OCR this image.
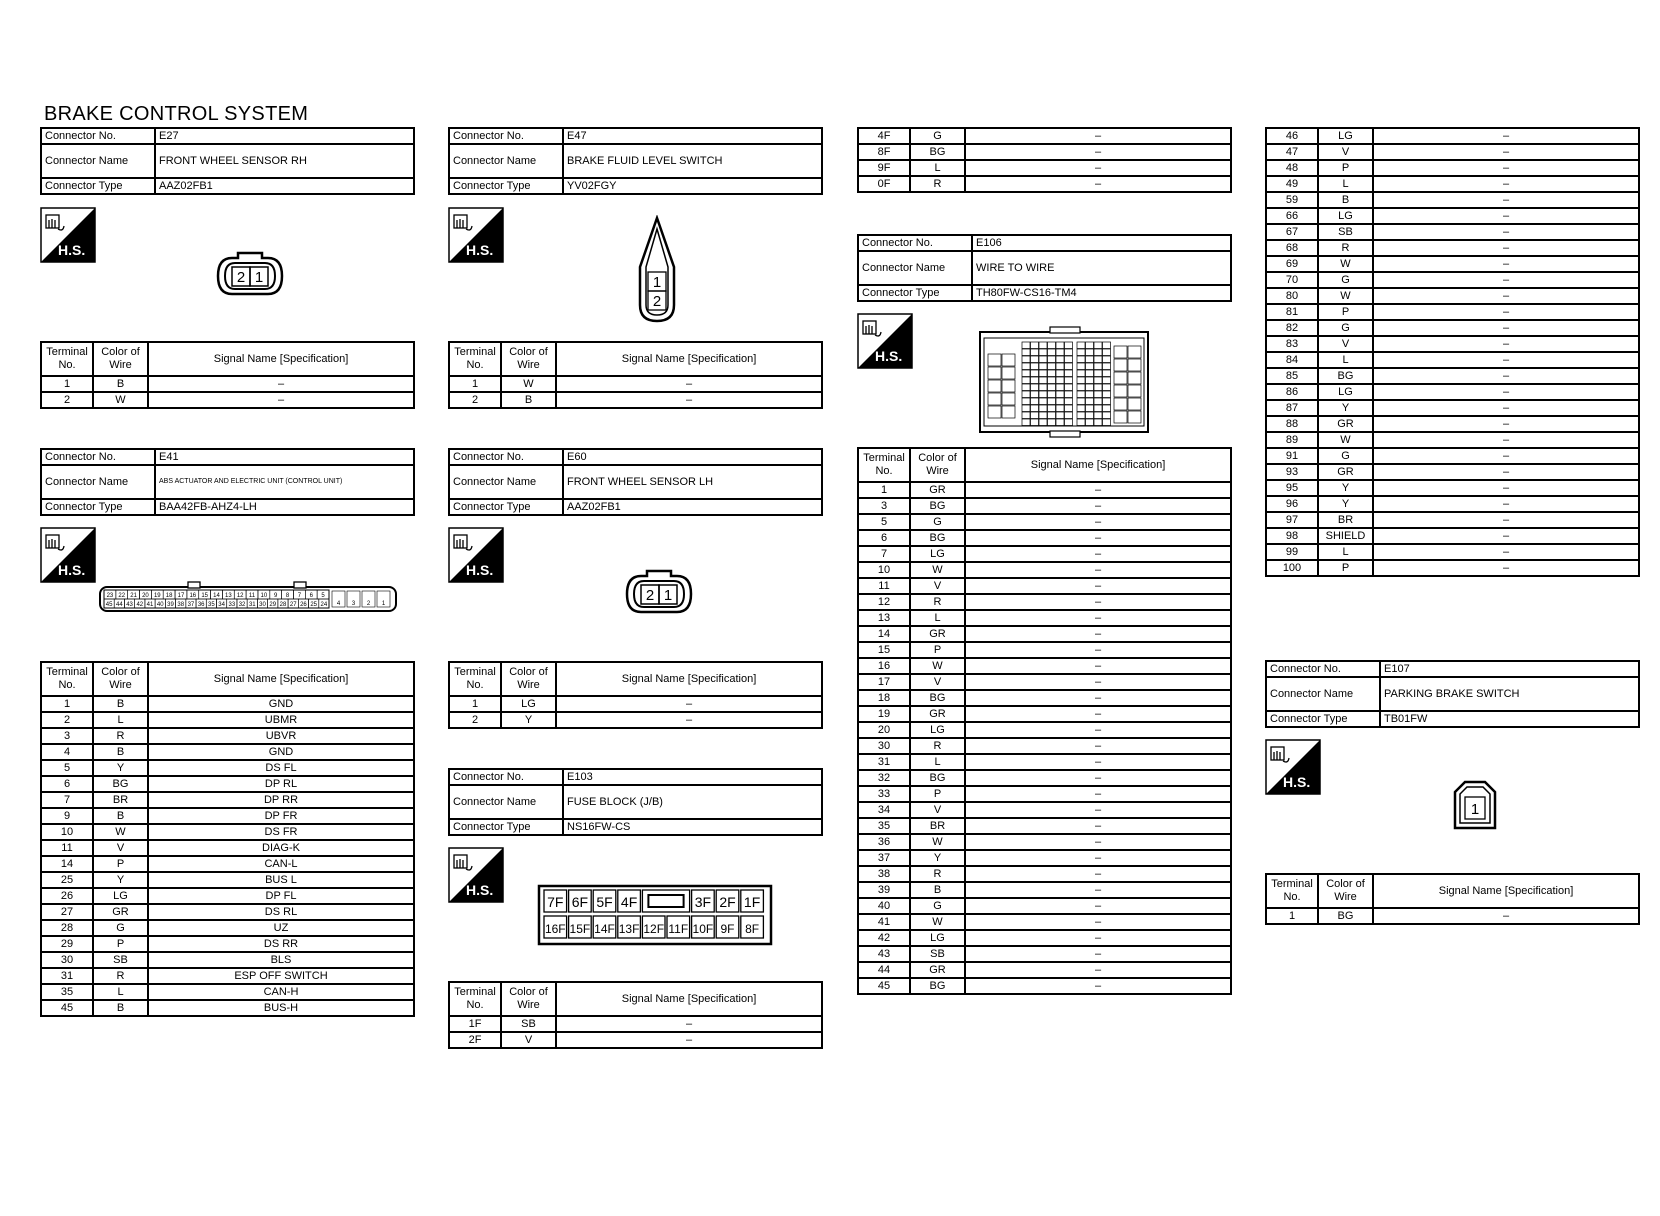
BRAKE CONTROL SYSTEM
Connector No.	E27
Connector Name	FRONT WHEEL SENSOR RH
Connector Type	AAZ02FB1
H.S.
2 1
Terminal No.	Color of Wire	Signal Name [Specification]
1	B	–
2	W	–
Connector No.	E41
Connector Name	ABS ACTUATOR AND ELECTRIC UNIT (CONTROL UNIT)
Connector Type	BAA42FB-AHZ4-LH
H.S.
23 22 21 20 19 18 17 16 15 14 13 12 11 10 9 8 7 6 5
45 44 43 42 41 40 39 38 37 36 35 34 33 32 31 30 29 28 27 26 25 24 4 3 2 1
Terminal No.	Color of Wire	Signal Name [Specification]
1	B	GND
2	L	UBMR
3	R	UBVR
4	B	GND
5	Y	DS FL
6	BG	DP RL
7	BR	DP RR
9	B	DP FR
10	W	DS FR
11	V	DIAG-K
14	P	CAN-L
25	Y	BUS L
26	LG	DP FL
27	GR	DS RL
28	G	UZ
29	P	DS RR
30	SB	BLS
31	R	ESP OFF SWITCH
35	L	CAN-H
45	B	BUS-H
Connector No.	E47
Connector Name	BRAKE FLUID LEVEL SWITCH
Connector Type	YV02FGY
H.S.
1
2
Terminal No.	Color of Wire	Signal Name [Specification]
1	W	–
2	B	–
Connector No.	E60
Connector Name	FRONT WHEEL SENSOR LH
Connector Type	AAZ02FB1
H.S.
2 1
Terminal No.	Color of Wire	Signal Name [Specification]
1	LG	–
2	Y	–
Connector No.	E103
Connector Name	FUSE BLOCK (J/B)
Connector Type	NS16FW-CS
H.S.
7F 6F 5F 4F	3F 2F 1F
16F 15F 14F 13F 12F 11F 10F 9F 8F
Terminal No.	Color of Wire	Signal Name [Specification]
1F	SB	–
2F	V	–
4F	G	–
8F	BG	–
9F	L	–
0F	R	–
Connector No.	E106
Connector Name	WIRE TO WIRE
Connector Type	TH80FW-CS16-TM4
H.S.
Terminal No.	Color of Wire	Signal Name [Specification]
1	GR	–
3	BG	–
5	G	–
6	BG	–
7	LG	–
10	W	–
11	V	–
12	R	–
13	L	–
14	GR	–
15	P	–
16	W	–
17	V	–
18	BG	–
19	GR	–
20	LG	–
30	R	–
31	L	–
32	BG	–
33	P	–
34	V	–
35	BR	–
36	W	–
37	Y	–
38	R	–
39	B	–
40	G	–
41	W	–
42	LG	–
43	SB	–
44	GR	–
45	BG	–
46	LG	–
47	V	–
48	P	–
49	L	–
59	B	–
66	LG	–
67	SB	–
68	R	–
69	W	–
70	G	–
80	W	–
81	P	–
82	G	–
83	V	–
84	L	–
85	BG	–
86	LG	–
87	Y	–
88	GR	–
89	W	–
91	G	–
93	GR	–
95	Y	–
96	Y	–
97	BR	–
98	SHIELD	–
99	L	–
100	P	–
Connector No.	E107
Connector Name	PARKING BRAKE SWITCH
Connector Type	TB01FW
H.S.
1
Terminal No.	Color of Wire	Signal Name [Specification]
1	BG	–
